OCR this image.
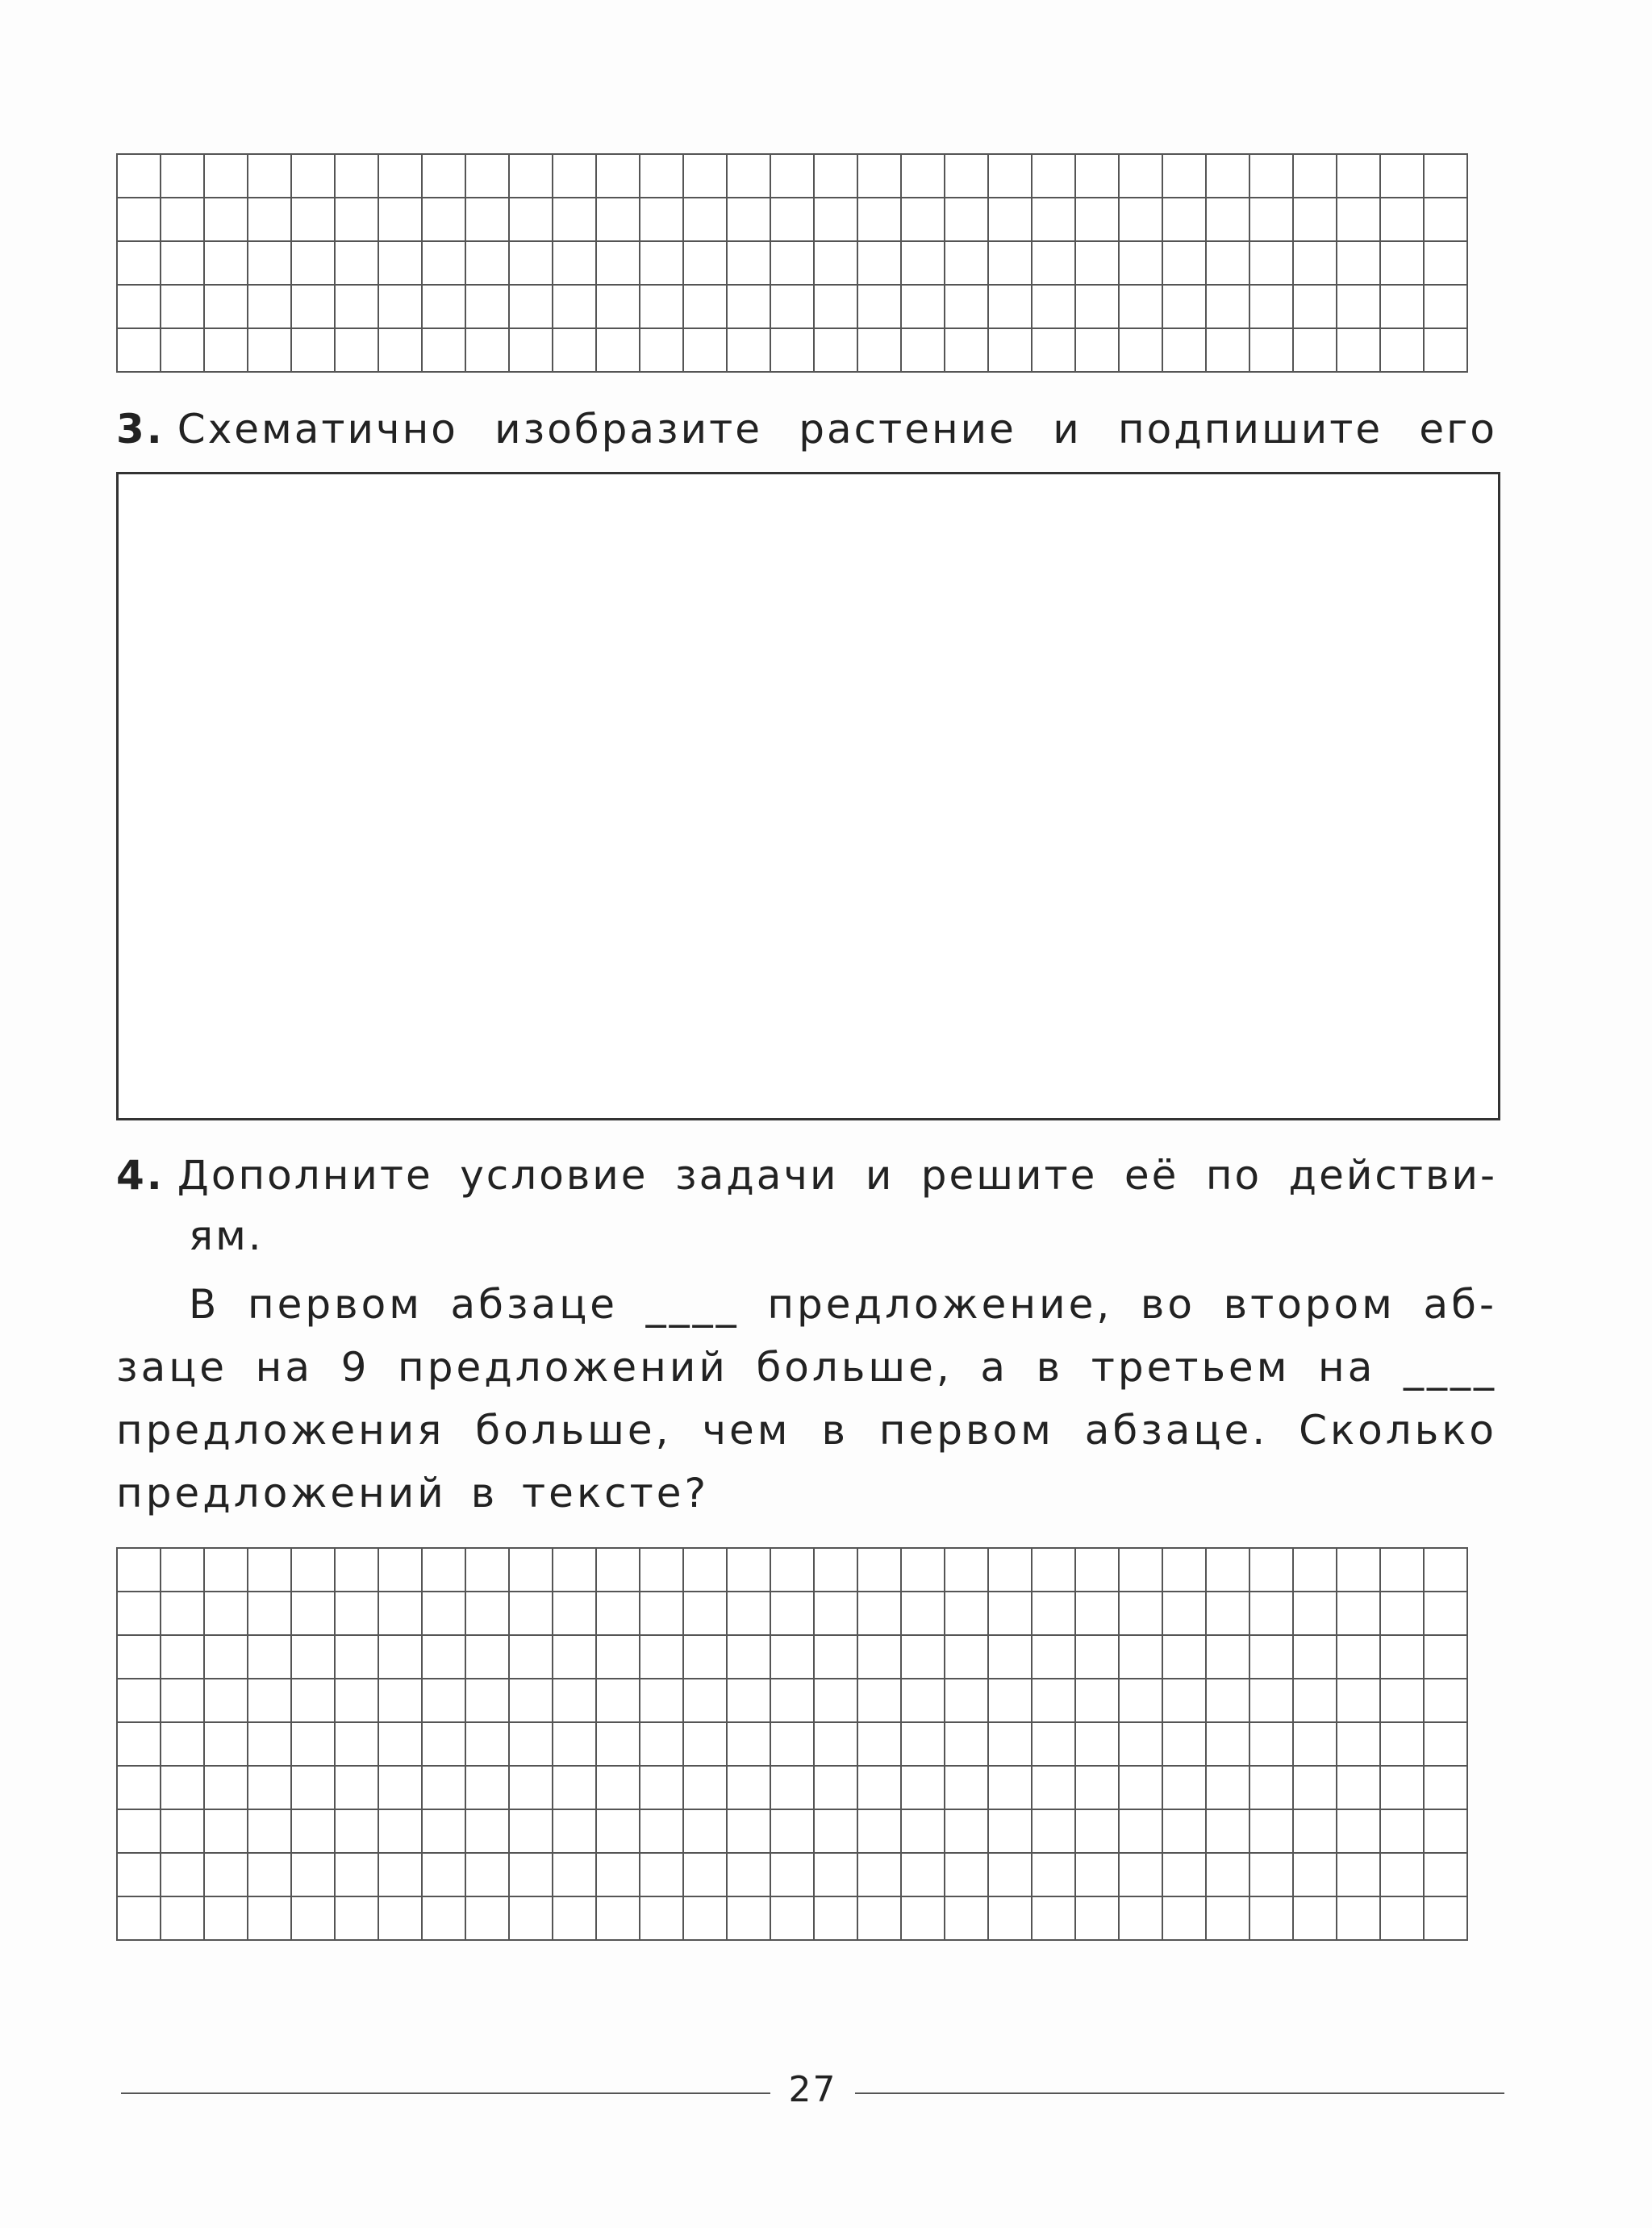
3. Схематично изобразите растение и подпишите его
4. Дополните условие задачи и решите её по действи-
ям.
В первом абзаце ____ предложение, во втором аб-
заце на 9 предложений больше, а в третьем на ____
предложения больше, чем в первом абзаце. Сколько
предложений в тексте?
27
